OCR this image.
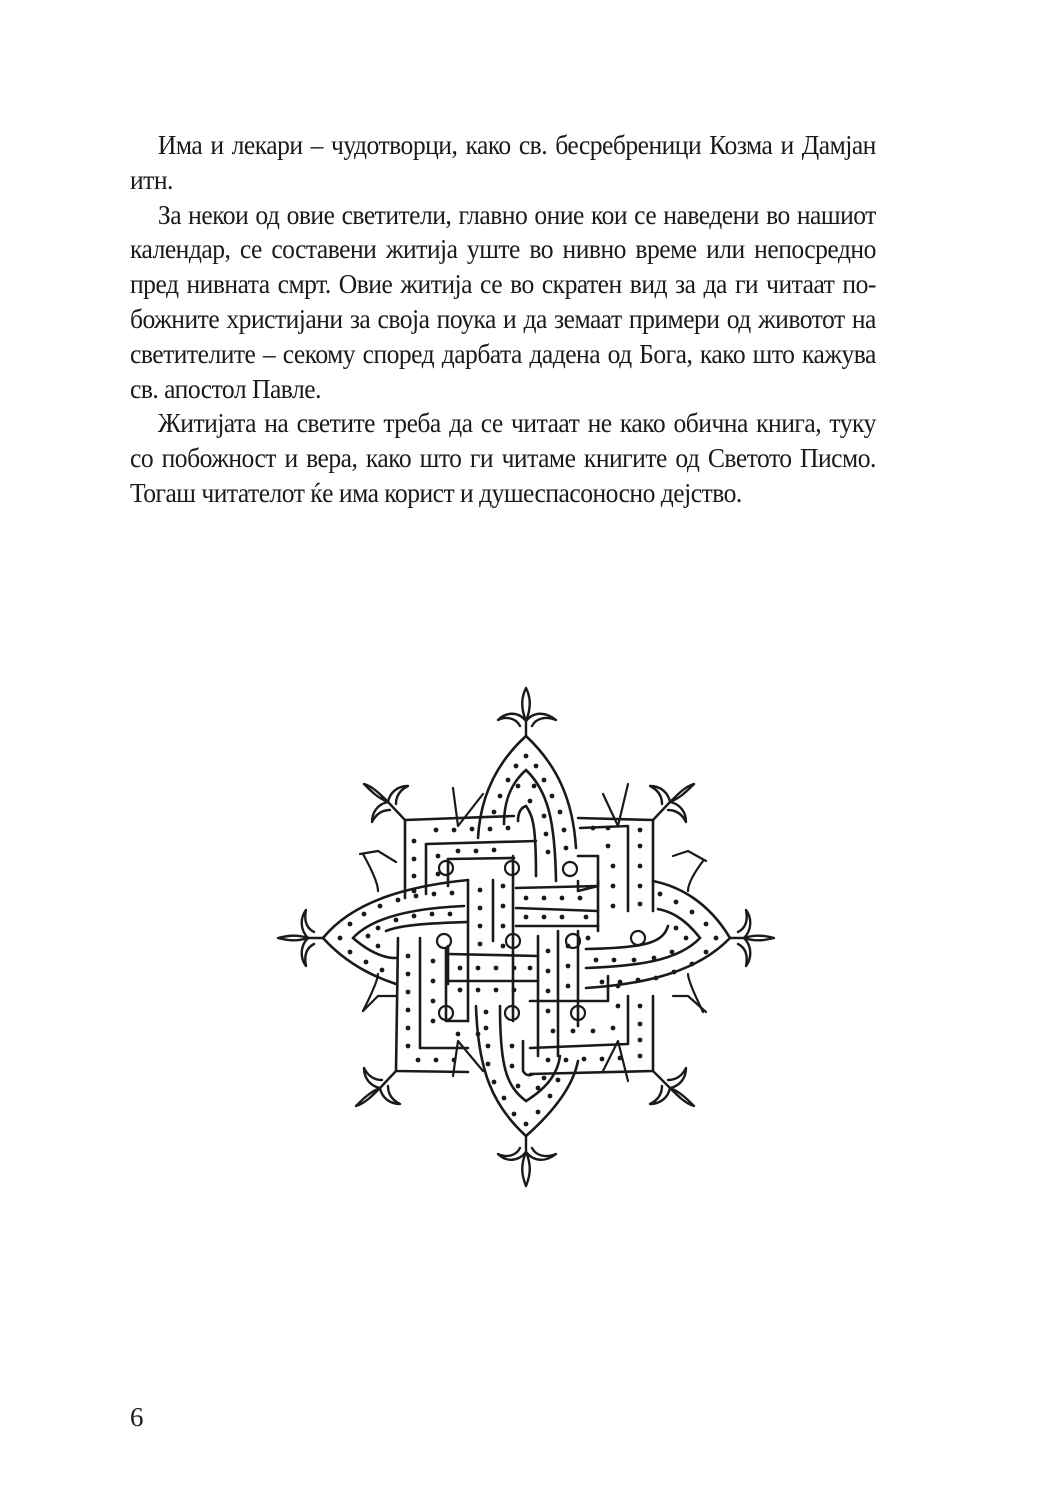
Има и лекари – чудотворци, како св. бесребреници Козма и Дамјан
итн.

За некои од овие светители, главно оние кои се наведени во нашиот
календар, се составени житија уште во нивно време или непосредно
пред нивната смрт. Овие житија се во скратен вид за да ги читаат по-
божните христијани за своја поука и да земаат примери од животот на
светителите – секому според дарбата дадена од Бога, како што кажува
св. апостол Павле.

Житијата на светите треба да се читаат не како обична книга, туку
со побожност и вера, како што ги читаме книгите од Светото Писмо.
Тогаш читателот ќе има корист и душеспасоносно дејство.

6
